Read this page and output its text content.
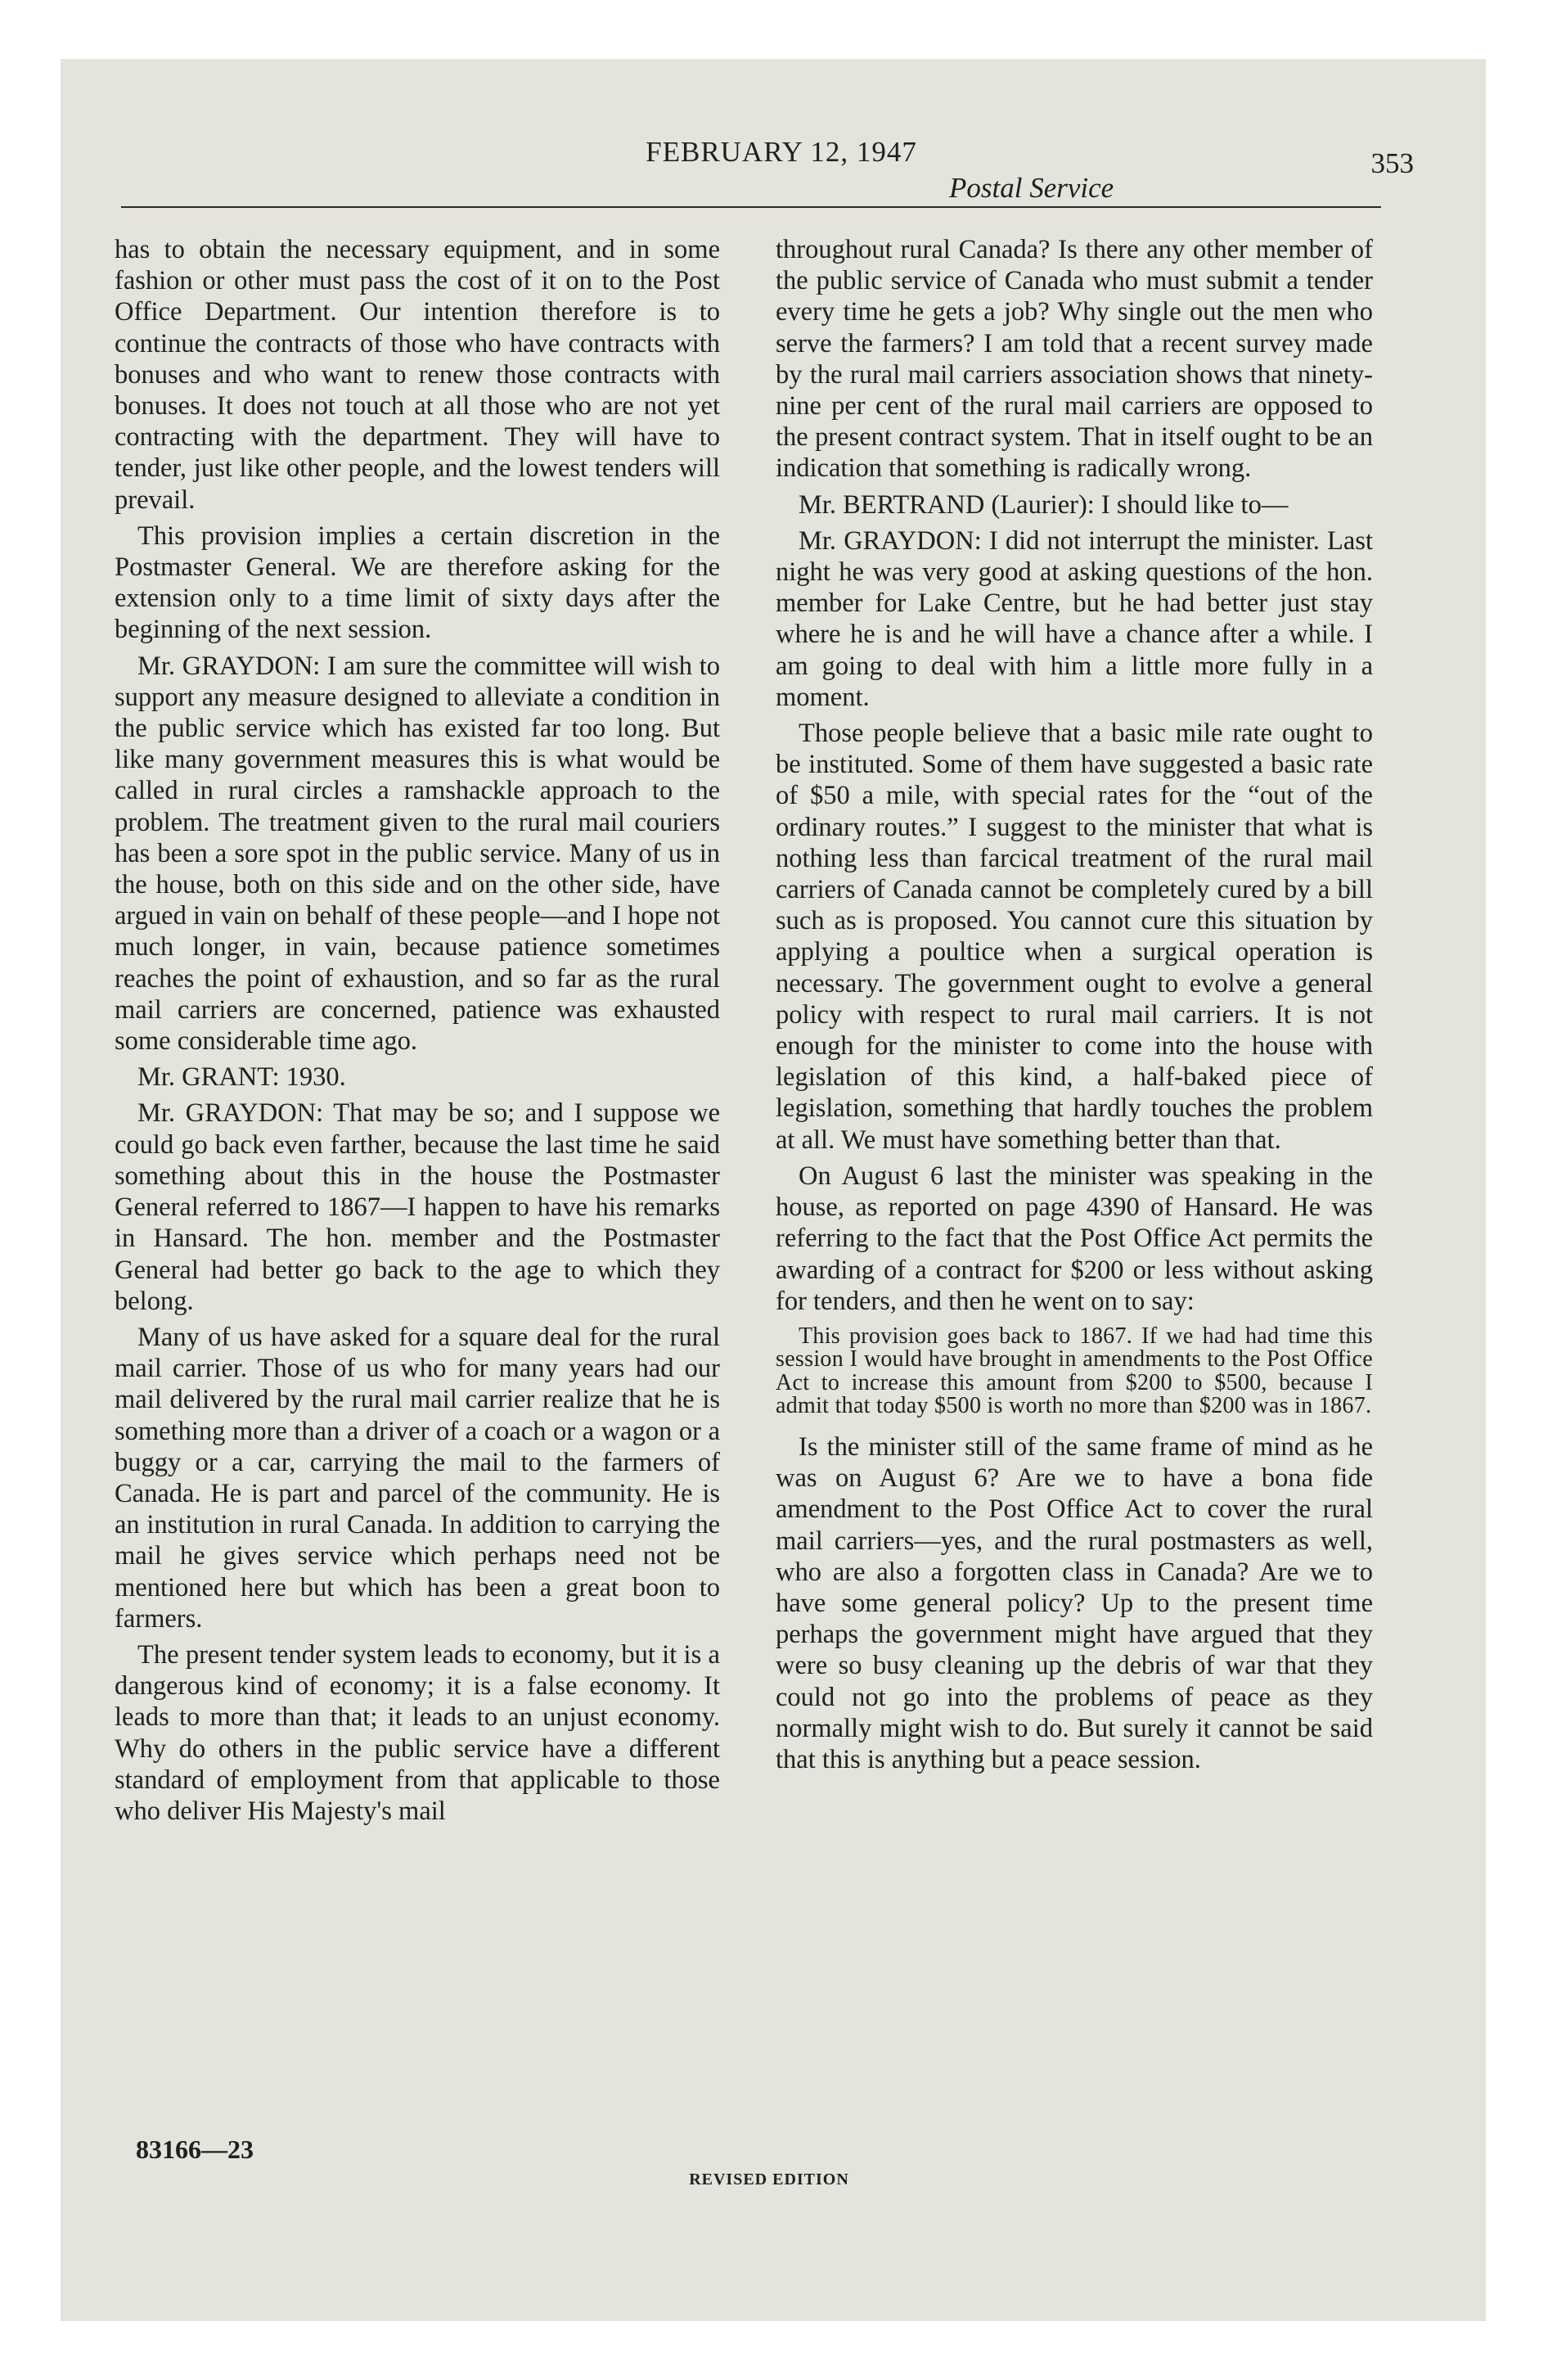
FEBRUARY 12, 1947
Postal Service
353

has to obtain the necessary equipment, and in some fashion or other must pass the cost of it on to the Post Office Department. Our intention therefore is to continue the contracts of those who have contracts with bonuses and who want to renew those contracts with bonuses. It does not touch at all those who are not yet contracting with the department. They will have to tender, just like other people, and the lowest tenders will prevail.

This provision implies a certain discretion in the Postmaster General. We are therefore asking for the extension only to a time limit of sixty days after the beginning of the next session.

Mr. GRAYDON: I am sure the committee will wish to support any measure designed to alleviate a condition in the public service which has existed far too long. But like many government measures this is what would be called in rural circles a ramshackle approach to the problem. The treatment given to the rural mail couriers has been a sore spot in the public service. Many of us in the house, both on this side and on the other side, have argued in vain on behalf of these people—and I hope not much longer, in vain, because patience sometimes reaches the point of exhaustion, and so far as the rural mail carriers are concerned, patience was exhausted some considerable time ago.

Mr. GRANT: 1930.

Mr. GRAYDON: That may be so; and I suppose we could go back even farther, because the last time he said something about this in the house the Postmaster General referred to 1867—I happen to have his remarks in Hansard. The hon. member and the Postmaster General had better go back to the age to which they belong.

Many of us have asked for a square deal for the rural mail carrier. Those of us who for many years had our mail delivered by the rural mail carrier realize that he is something more than a driver of a coach or a wagon or a buggy or a car, carrying the mail to the farmers of Canada. He is part and parcel of the community. He is an institution in rural Canada. In addition to carrying the mail he gives service which perhaps need not be mentioned here but which has been a great boon to farmers.

The present tender system leads to economy, but it is a dangerous kind of economy; it is a false economy. It leads to more than that; it leads to an unjust economy. Why do others in the public service have a different standard of employment from that applicable to those who deliver His Majesty's mail

throughout rural Canada? Is there any other member of the public service of Canada who must submit a tender every time he gets a job? Why single out the men who serve the farmers? I am told that a recent survey made by the rural mail carriers association shows that ninety-nine per cent of the rural mail carriers are opposed to the present contract system. That in itself ought to be an indication that something is radically wrong.

Mr. BERTRAND (Laurier): I should like to—

Mr. GRAYDON: I did not interrupt the minister. Last night he was very good at asking questions of the hon. member for Lake Centre, but he had better just stay where he is and he will have a chance after a while. I am going to deal with him a little more fully in a moment.

Those people believe that a basic mile rate ought to be instituted. Some of them have suggested a basic rate of $50 a mile, with special rates for the “out of the ordinary routes.” I suggest to the minister that what is nothing less than farcical treatment of the rural mail carriers of Canada cannot be completely cured by a bill such as is proposed. You cannot cure this situation by applying a poultice when a surgical operation is necessary. The government ought to evolve a general policy with respect to rural mail carriers. It is not enough for the minister to come into the house with legislation of this kind, a half-baked piece of legislation, something that hardly touches the problem at all. We must have something better than that.

On August 6 last the minister was speaking in the house, as reported on page 4390 of Hansard. He was referring to the fact that the Post Office Act permits the awarding of a contract for $200 or less without asking for tenders, and then he went on to say:

This provision goes back to 1867. If we had had time this session I would have brought in amendments to the Post Office Act to increase this amount from $200 to $500, because I admit that today $500 is worth no more than $200 was in 1867.

Is the minister still of the same frame of mind as he was on August 6? Are we to have a bona fide amendment to the Post Office Act to cover the rural mail carriers—yes, and the rural postmasters as well, who are also a forgotten class in Canada? Are we to have some general policy? Up to the present time perhaps the government might have argued that they were so busy cleaning up the debris of war that they could not go into the problems of peace as they normally might wish to do. But surely it cannot be said that this is anything but a peace session.

83166—23
REVISED EDITION
